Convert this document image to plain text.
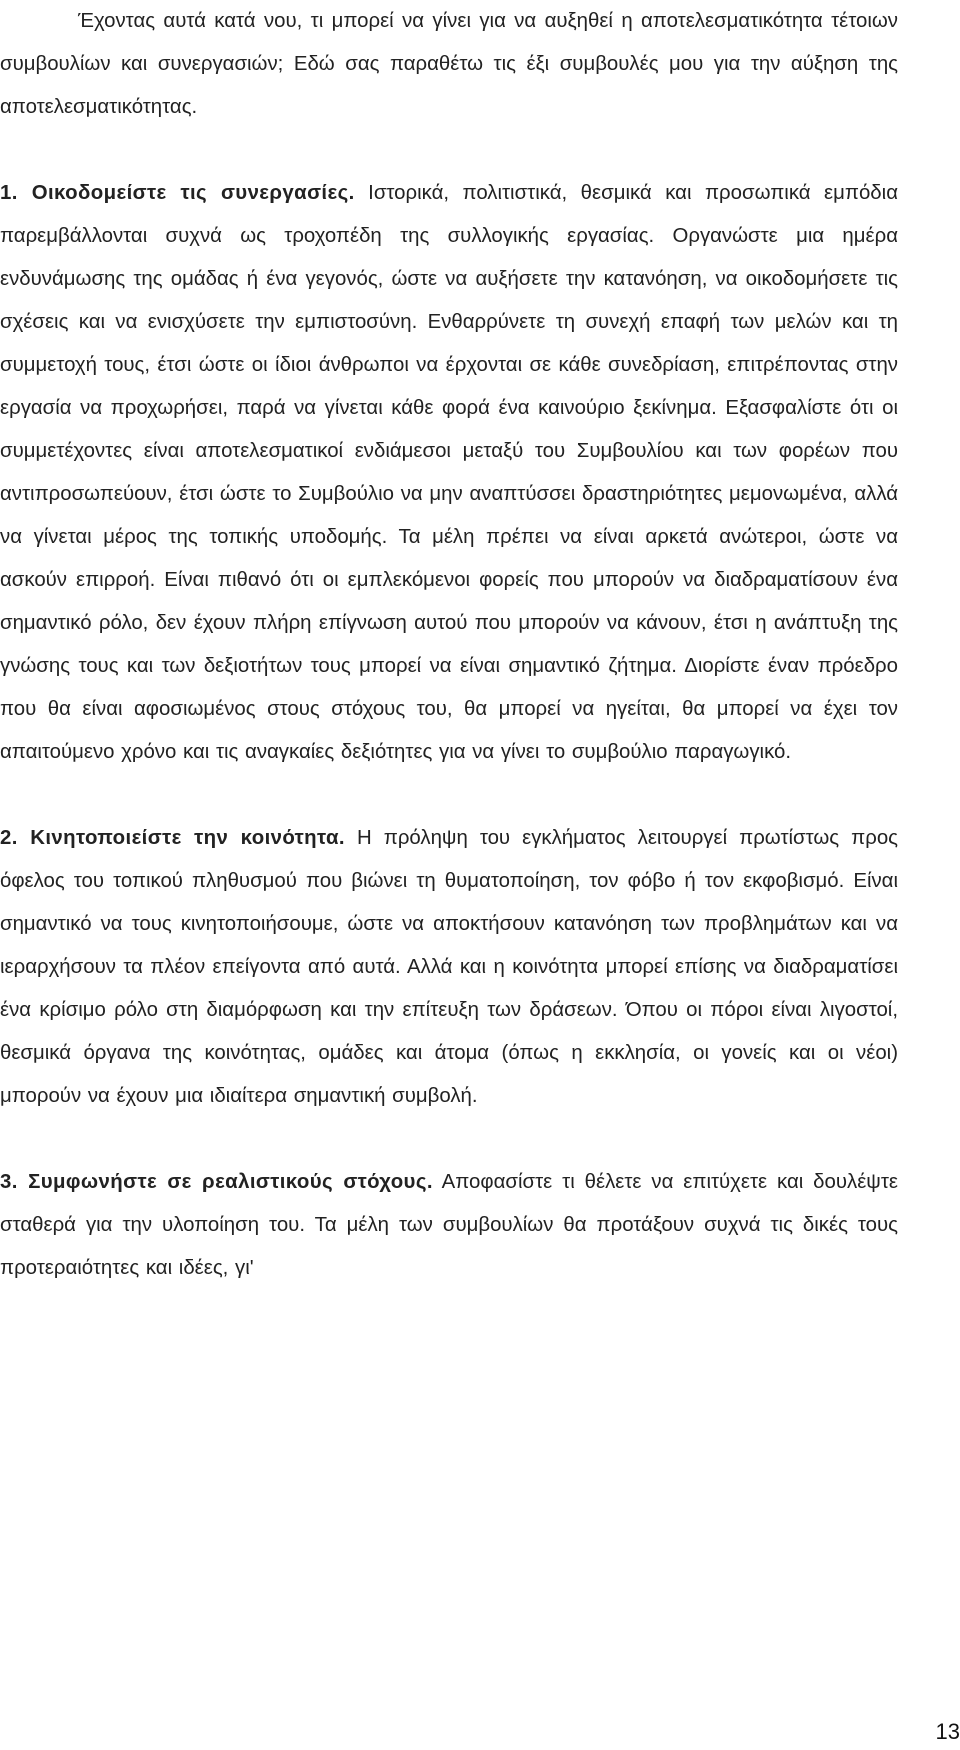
Έχοντας αυτά κατά νου, τι μπορεί να γίνει για να αυξηθεί η αποτελεσματικότητα τέτοιων συμβουλίων και συνεργασιών; Εδώ σας παραθέτω τις έξι συμβουλές μου για την αύξηση της αποτελεσματικότητας.

1. Οικοδομείστε τις συνεργασίες. Ιστορικά, πολιτιστικά, θεσμικά και προσωπικά εμπόδια παρεμβάλλονται συχνά ως τροχοπέδη της συλλογικής εργασίας. Οργανώστε μια ημέρα ενδυνάμωσης της ομάδας ή ένα γεγονός, ώστε να αυξήσετε την κατανόηση, να οικοδομήσετε τις σχέσεις και να ενισχύσετε την εμπιστοσύνη. Ενθαρρύνετε τη συνεχή επαφή των μελών και τη συμμετοχή τους, έτσι ώστε οι ίδιοι άνθρωποι να έρχονται σε κάθε συνεδρίαση, επιτρέποντας στην εργασία να προχωρήσει, παρά να γίνεται κάθε φορά ένα καινούριο ξεκίνημα. Εξασφαλίστε ότι οι συμμετέχοντες είναι αποτελεσματικοί ενδιάμεσοι μεταξύ του Συμβουλίου και των φορέων που αντιπροσωπεύουν, έτσι ώστε το Συμβούλιο να μην αναπτύσσει δραστηριότητες μεμονωμένα, αλλά να γίνεται μέρος της τοπικής υποδομής. Τα μέλη πρέπει να είναι αρκετά ανώτεροι, ώστε να ασκούν επιρροή. Είναι πιθανό ότι οι εμπλεκόμενοι φορείς που μπορούν να διαδραματίσουν ένα σημαντικό ρόλο, δεν έχουν πλήρη επίγνωση αυτού που μπορούν να κάνουν, έτσι η ανάπτυξη της γνώσης τους και των δεξιοτήτων τους μπορεί να είναι σημαντικό ζήτημα. Διορίστε έναν πρόεδρο που θα είναι αφοσιωμένος στους στόχους του, θα μπορεί να ηγείται, θα μπορεί να έχει τον απαιτούμενο χρόνο και τις αναγκαίες δεξιότητες για να γίνει το συμβούλιο παραγωγικό.

2. Κινητοποιείστε την κοινότητα. Η πρόληψη του εγκλήματος λειτουργεί πρωτίστως προς όφελος του τοπικού πληθυσμού που βιώνει τη θυματοποίηση, τον φόβο ή τον εκφοβισμό. Είναι σημαντικό να τους κινητοποιήσουμε, ώστε να αποκτήσουν κατανόηση των προβλημάτων και να ιεραρχήσουν τα πλέον επείγοντα από αυτά. Αλλά και η κοινότητα μπορεί επίσης να διαδραματίσει ένα κρίσιμο ρόλο στη διαμόρφωση και την επίτευξη των δράσεων. Όπου οι πόροι είναι λιγοστοί, θεσμικά όργανα της κοινότητας, ομάδες και άτομα (όπως η εκκλησία, οι γονείς και οι νέοι) μπορούν να έχουν μια ιδιαίτερα σημαντική συμβολή.

3. Συμφωνήστε σε ρεαλιστικούς στόχους. Αποφασίστε τι θέλετε να επιτύχετε και δουλέψτε σταθερά για την υλοποίηση του. Τα μέλη των συμβουλίων θα προτάξουν συχνά τις δικές τους προτεραιότητες και ιδέες, γι'

13
